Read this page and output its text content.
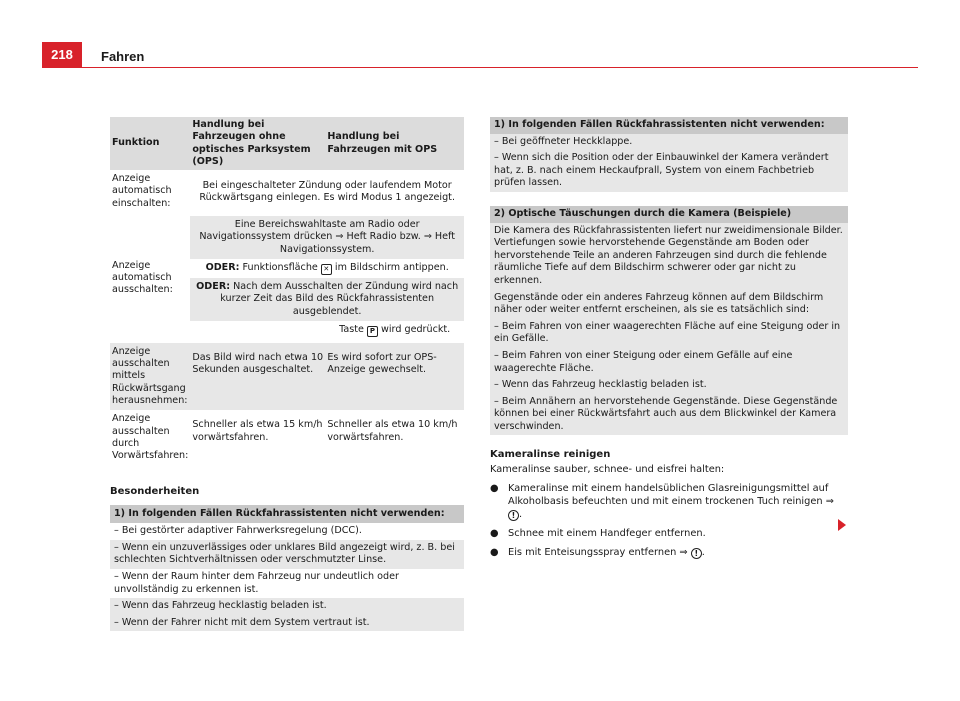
218	Fahren
Funktion	Handlung bei Fahrzeugen ohne optisches Parksystem (OPS)	Handlung bei Fahrzeugen mit OPS
Anzeige automatisch einschalten:	Bei eingeschalteter Zündung oder laufendem Motor Rückwärtsgang einlegen. Es wird Modus 1 angezeigt.	
Anzeige automatisch ausschalten:	Eine Bereichswahltaste am Radio oder Navigationssystem drücken ⇒ Heft Radio bzw. ⇒ Heft Navigationssystem.	
	ODER: Funktionsfläche ✕ im Bildschirm antippen.	
	ODER: Nach dem Ausschalten der Zündung wird nach kurzer Zeit das Bild des Rückfahrassistenten ausgeblendet.	
		Taste P wird gedrückt.
Anzeige ausschalten mittels Rückwärtsgang herausnehmen:	Das Bild wird nach etwa 10 Sekunden ausgeschaltet.	Es wird sofort zur OPS-Anzeige gewechselt.
Anzeige ausschalten durch Vorwärtsfahren:	Schneller als etwa 15 km/h vorwärtsfahren.	Schneller als etwa 10 km/h vorwärtsfahren.
Besonderheiten
1) In folgenden Fällen Rückfahrassistenten nicht verwenden:
– Bei gestörter adaptiver Fahrwerksregelung (DCC).
– Wenn ein unzuverlässiges oder unklares Bild angezeigt wird, z. B. bei schlechten Sichtverhältnissen oder verschmutzter Linse.
– Wenn der Raum hinter dem Fahrzeug nur undeutlich oder unvollständig zu erkennen ist.
– Wenn das Fahrzeug hecklastig beladen ist.
– Wenn der Fahrer nicht mit dem System vertraut ist.
1) In folgenden Fällen Rückfahrassistenten nicht verwenden:
– Bei geöffneter Heckklappe.
– Wenn sich die Position oder der Einbauwinkel der Kamera verändert hat, z. B. nach einem Heckaufprall, System von einem Fachbetrieb prüfen lassen.
2) Optische Täuschungen durch die Kamera (Beispiele)
Die Kamera des Rückfahrassistenten liefert nur zweidimensionale Bilder. Vertiefungen sowie hervorstehende Gegenstände am Boden oder hervorstehende Teile an anderen Fahrzeugen sind durch die fehlende räumliche Tiefe auf dem Bildschirm schwerer oder gar nicht zu erkennen.
Gegenstände oder ein anderes Fahrzeug können auf dem Bildschirm näher oder weiter entfernt erscheinen, als sie es tatsächlich sind:
– Beim Fahren von einer waagerechten Fläche auf eine Steigung oder in ein Gefälle.
– Beim Fahren von einer Steigung oder einem Gefälle auf eine waagerechte Fläche.
– Wenn das Fahrzeug hecklastig beladen ist.
– Beim Annähern an hervorstehende Gegenstände. Diese Gegenstände können bei einer Rückwärtsfahrt auch aus dem Blickwinkel der Kamera verschwinden.
Kameralinse reinigen
Kameralinse sauber, schnee- und eisfrei halten:
● Kameralinse mit einem handelsüblichen Glasreinigungsmittel auf Alkoholbasis befeuchten und mit einem trockenen Tuch reinigen ⇒ ! .
● Schnee mit einem Handfeger entfernen.
● Eis mit Enteisungsspray entfernen ⇒ ! .
